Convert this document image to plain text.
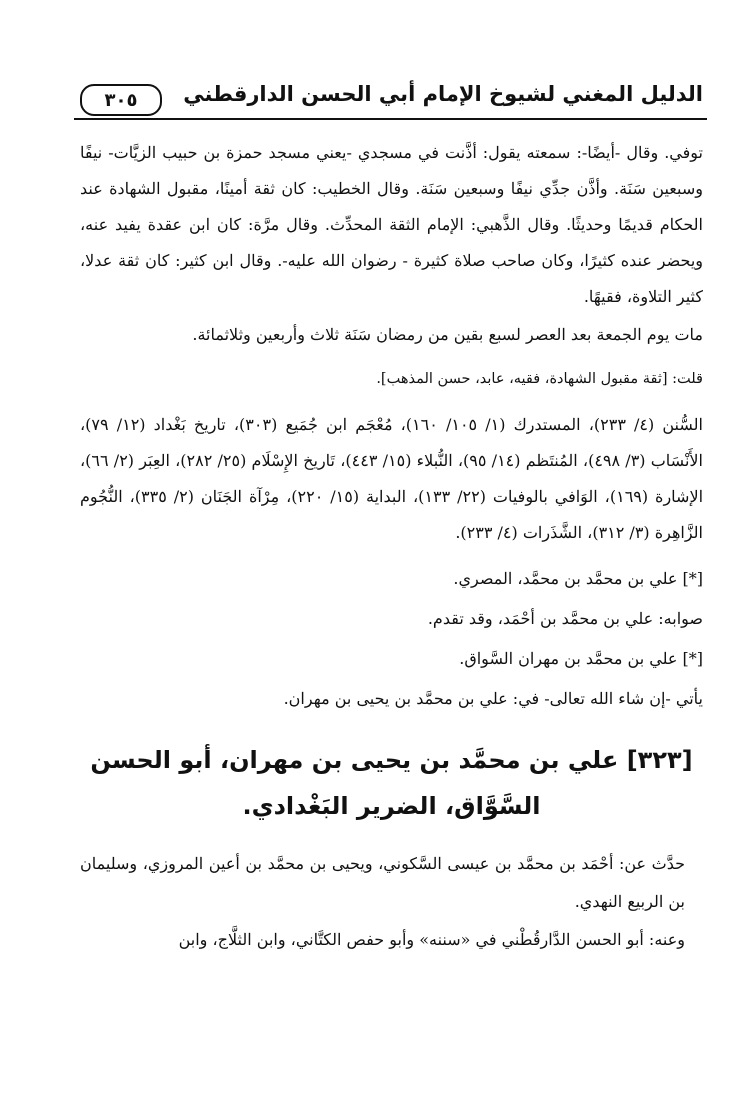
الدليل المغني لشيوخ الإمام أبي الحسن الدارقطني
٣٠٥

توفي. وقال -أيضًا-: سمعته يقول: أذَّنت في مسجدي -يعني مسجد حمزة بن حبيب الزيَّات- نيفًا وسبعين سَنَة. وأذَّن جدِّي نيفًا وسبعين سَنَة. وقال الخطيب: كان ثقة أمينًا، مقبول الشهادة عند الحكام قديمًا وحديثًا. وقال الذَّهبي: الإمام الثقة المحدِّث. وقال مرَّة: كان ابن عقدة يفيد عنه، ويحضر عنده كثيرًا، وكان صاحب صلاة كثيرة - رضوان الله عليه-. وقال ابن كثير: كان ثقة عدلا، كثير التلاوة، فقيهًا.

مات يوم الجمعة بعد العصر لسبع بقين من رمضان سَنَة ثلاث وأربعين وثلاثمائة.

قلت: [ثقة مقبول الشهادة، فقيه، عابد، حسن المذهب].

السُّنن (٤/ ٢٣٣)، المستدرك (١/ ١٠٥/ ١٦٠)، مُعْجَم ابن جُمَيع (٣٠٣)، تاريخ بَغْداد (١٢/ ٧٩)، الأَنْسَاب (٣/ ٤٩٨)، المُنتَظم (١٤/ ٩٥)، النُّبلاء (١٥/ ٤٤٣)، تَاريخ الإِسْلَام (٢٥/ ٢٨٢)، العِبَر (٢/ ٦٦)، الإشارة (١٦٩)، الوَافي بالوفيات (٢٢/ ١٣٣)، البداية (١٥/ ٢٢٠)، مِرْآة الجَنَان (٢/ ٣٣٥)، النُّجُوم الزَّاهِرة (٣/ ٣١٢)، الشَّذَرات (٤/ ٢٣٣).

[*] علي بن محمَّد بن محمَّد، المصري.

صوابه: علي بن محمَّد بن أحْمَد، وقد تقدم.

[*] علي بن محمَّد بن مهران السَّواق.

يأتي -إن شاء الله تعالى- في: علي بن محمَّد بن يحيى بن مهران.

[٣٢٣] علي بن محمَّد بن يحيى بن مهران، أبو الحسن السَّوَّاق، الضرير البَغْدادي.

حدَّث عن: أحْمَد بن محمَّد بن عيسى السَّكوني، ويحيى بن محمَّد بن أعين المروزي، وسليمان بن الربيع النهدي.

وعنه: أبو الحسن الدَّارقُطْني في «سننه» وأبو حفص الكتَّاني، وابن الثلَّاج، وابن
